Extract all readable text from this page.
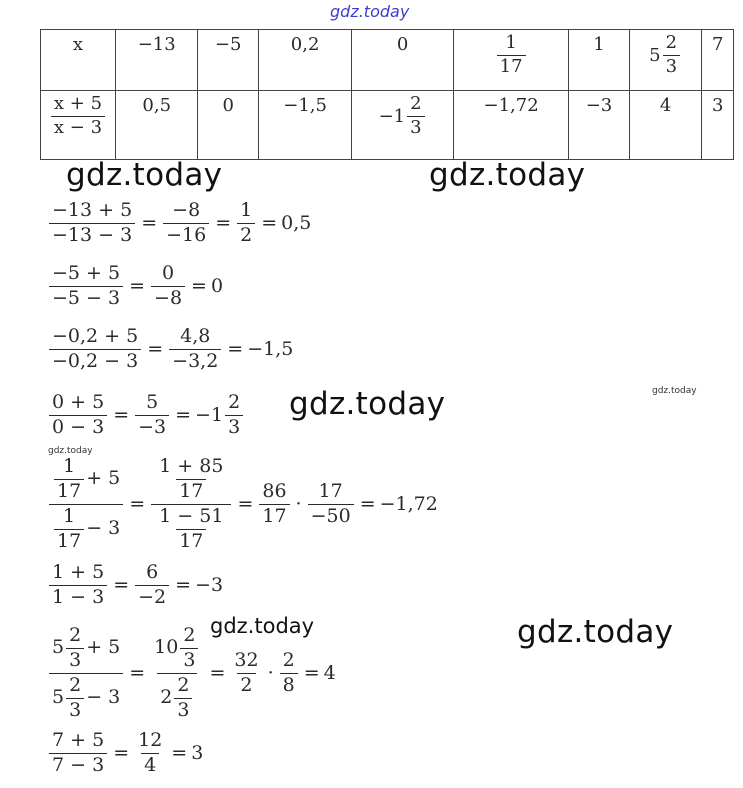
gdz.today
gdz.today	gdz.today
gdz.today
gdz.today
gdz.today
gdz.today
gdz.today
x	−13	−5	0,2	0	$\frac{1}{17}$	1	$5 \frac{2}{3}$	7

$\frac{x + 5}{x - 3}$	0,5	0	−1,5	$-1 \frac{2}{3}$	−1,72	−3	4	3
$\frac{-13 + 5}{-13 - 3} = \frac{-8}{-16} = \frac{1}{2} = 0,5$
$\frac{-5 + 5}{-5 - 3} = \frac{0}{-8} = 0$
$\frac{-0,2 + 5}{-0,2 - 3} = \frac{4,8}{-3,2} = -1,5$
$\frac{0 + 5}{0 - 3} = \frac{5}{-3} = -1 \frac{2}{3}$
$\frac{\frac{1}{17} + 5}{\frac{1}{17} - 3} = \frac{\frac{1 + 85}{17}}{\frac{1 - 51}{17}} = \frac{86}{17} \cdot \frac{17}{-50} = -1,72$
$\frac{1 + 5}{1 - 3} = \frac{6}{-2} = -3$
$\frac{5 \frac{2}{3} + 5}{5 \frac{2}{3} - 3} = \frac{10 \frac{2}{3}}{2 \frac{2}{3}} = \frac{32}{2} \cdot \frac{2}{8} = 4$
$\frac{7 + 5}{7 - 3} = \frac{12}{4} = 3$
